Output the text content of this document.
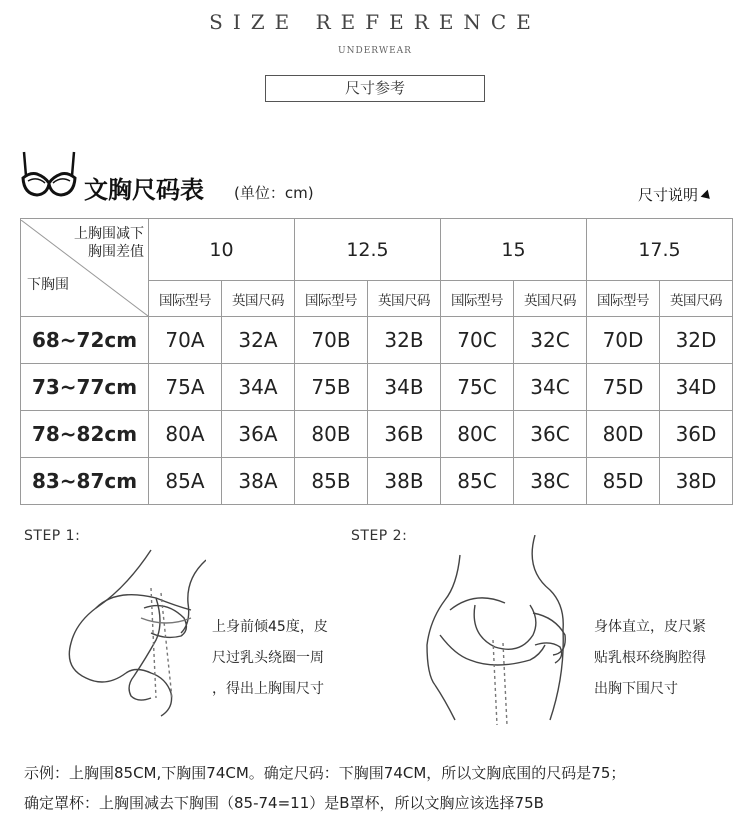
SIZE REFERENCE
UNDERWEAR
尺寸参考
文胸尺码表 (单位：cm)	尺寸说明
上胸围减下
胸围差值
下胸围	10		12.5		15		17.5	
	国际型号	英国尺码	国际型号	英国尺码	国际型号	英国尺码	国际型号	英国尺码
68~72cm	70A	32A	70B	32B	70C	32C	70D	32D
73~77cm	75A	34A	75B	34B	75C	34C	75D	34D
78~82cm	80A	36A	80B	36B	80C	36C	80D	36D
83~87cm	85A	38A	85B	38B	85C	38C	85D	38D
STEP 1:
上身前倾45度，皮
尺过乳头绕圈一周
，得出上胸围尺寸
STEP 2:
身体直立，皮尺紧
贴乳根环绕胸腔得
出胸下围尺寸
示例：上胸围85CM,下胸围74CM。确定尺码：下胸围74CM，所以文胸底围的尺码是75；
确定罩杯：上胸围减去下胸围（85-74=11）是B罩杯，所以文胸应该选择75B
